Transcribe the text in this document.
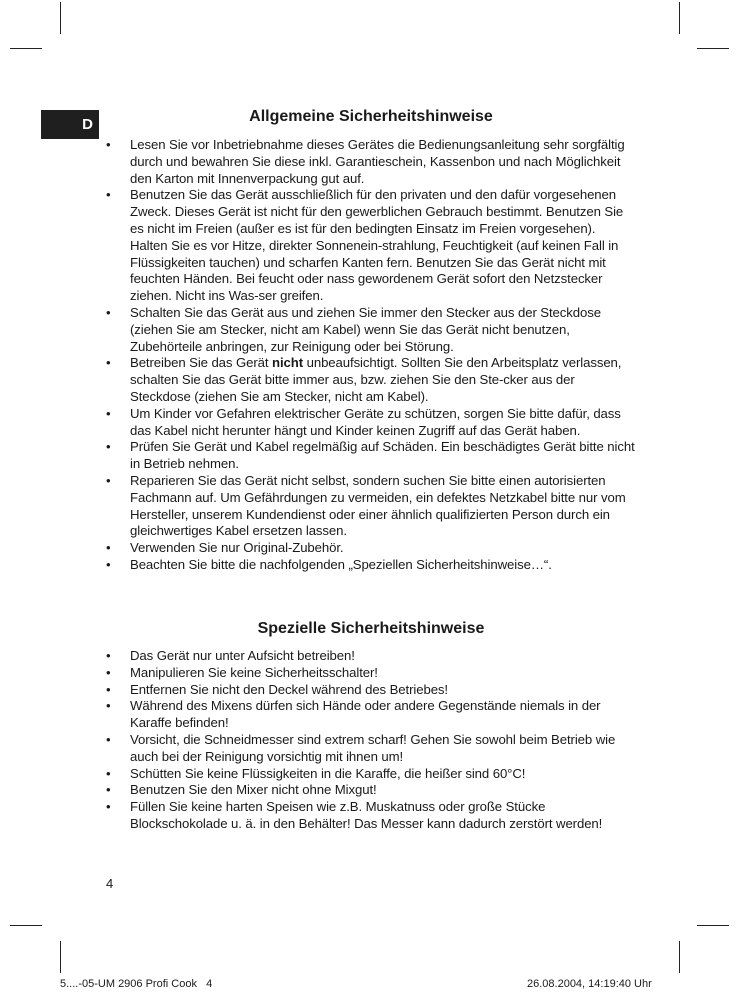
D	Allgemeine Sicherheitshinweise
•	Lesen Sie vor Inbetriebnahme dieses Gerätes die Bedienungsanleitung sehr sorgfältig durch und bewahren Sie diese inkl. Garantieschein, Kassenbon und nach Möglichkeit den Karton mit Innenverpackung gut auf.
•	Benutzen Sie das Gerät ausschließlich für den privaten und den dafür vorgesehenen Zweck. Dieses Gerät ist nicht für den gewerblichen Gebrauch bestimmt. Benutzen Sie es nicht im Freien (außer es ist für den bedingten Einsatz im Freien vorgesehen). Halten Sie es vor Hitze, direkter Sonnenein-strahlung, Feuchtigkeit (auf keinen Fall in Flüssigkeiten tauchen) und scharfen Kanten fern. Benutzen Sie das Gerät nicht mit feuchten Händen. Bei feucht oder nass gewordenem Gerät sofort den Netzstecker ziehen. Nicht ins Was-ser greifen.
•	Schalten Sie das Gerät aus und ziehen Sie immer den Stecker aus der Steckdose (ziehen Sie am Stecker, nicht am Kabel) wenn Sie das Gerät nicht benutzen, Zubehörteile anbringen, zur Reinigung oder bei Störung.
•	Betreiben Sie das Gerät nicht unbeaufsichtigt. Sollten Sie den Arbeitsplatz verlassen, schalten Sie das Gerät bitte immer aus, bzw. ziehen Sie den Ste-cker aus der Steckdose (ziehen Sie am Stecker, nicht am Kabel).
•	Um Kinder vor Gefahren elektrischer Geräte zu schützen, sorgen Sie bitte dafür, dass das Kabel nicht herunter hängt und Kinder keinen Zugriff auf das Gerät haben.
•	Prüfen Sie Gerät und Kabel regelmäßig auf Schäden. Ein beschädigtes Gerät bitte nicht in Betrieb nehmen.
•	Reparieren Sie das Gerät nicht selbst, sondern suchen Sie bitte einen autorisierten Fachmann auf. Um Gefährdungen zu vermeiden, ein defektes Netzkabel bitte nur vom Hersteller, unserem Kundendienst oder einer ähnlich qualifizierten Person durch ein gleichwertiges Kabel ersetzen lassen.
•	Verwenden Sie nur Original-Zubehör.
•	Beachten Sie bitte die nachfolgenden „Speziellen Sicherheitshinweise…“.
Spezielle Sicherheitshinweise
•	Das Gerät nur unter Aufsicht betreiben!
•	Manipulieren Sie keine Sicherheitsschalter!
•	Entfernen Sie nicht den Deckel während des Betriebes!
•	Während des Mixens dürfen sich Hände oder andere Gegenstände niemals in der Karaffe befinden!
•	Vorsicht, die Schneidmesser sind extrem scharf! Gehen Sie sowohl beim Betrieb wie auch bei der Reinigung vorsichtig mit ihnen um!
•	Schütten Sie keine Flüssigkeiten in die Karaffe, die heißer sind 60°C!
•	Benutzen Sie den Mixer nicht ohne Mixgut!
•	Füllen Sie keine harten Speisen wie z.B. Muskatnuss oder große Stücke Blockschokolade u. ä. in den Behälter! Das Messer kann dadurch zerstört werden!
4
5....-05-UM 2906 Profi Cook   4	26.08.2004, 14:19:40 Uhr
